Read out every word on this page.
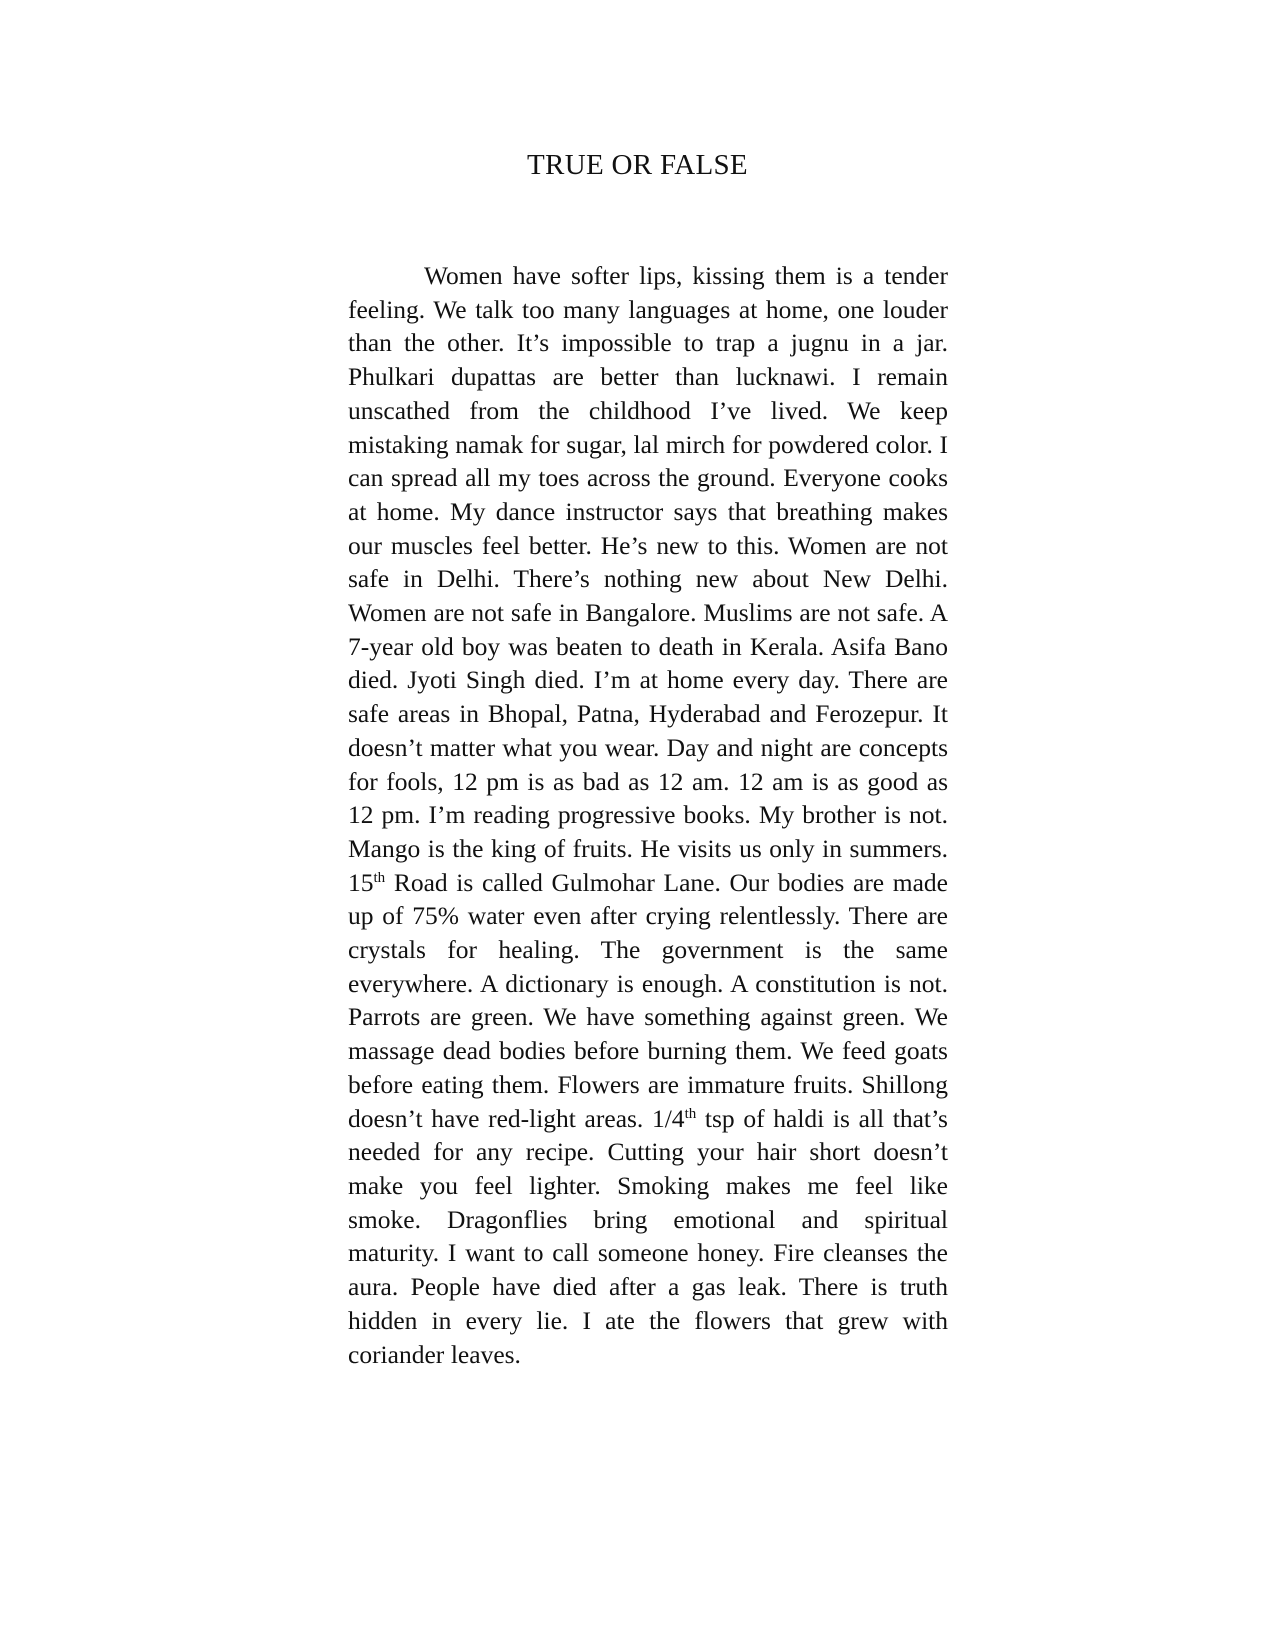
TRUE OR FALSE

Women have softer lips, kissing them is a tender feeling. We talk too many languages at home, one louder than the other. It’s impossible to trap a jugnu in a jar. Phulkari dupattas are better than lucknawi. I remain unscathed from the childhood I’ve lived. We keep mistaking namak for sugar, lal mirch for powdered color. I can spread all my toes across the ground. Everyone cooks at home. My dance instructor says that breathing makes our muscles feel better. He’s new to this. Women are not safe in Delhi. There’s nothing new about New Delhi. Women are not safe in Bangalore. Muslims are not safe. A 7-year old boy was beaten to death in Kerala. Asifa Bano died. Jyoti Singh died. I’m at home every day. There are safe areas in Bhopal, Patna, Hyderabad and Ferozepur. It doesn’t matter what you wear. Day and night are concepts for fools, 12 pm is as bad as 12 am. 12 am is as good as 12 pm. I’m reading progressive books. My brother is not. Mango is the king of fruits. He visits us only in summers. 15th Road is called Gulmohar Lane. Our bodies are made up of 75% water even after crying relentlessly. There are crystals for healing. The government is the same everywhere. A dictionary is enough. A constitution is not. Parrots are green. We have something against green. We massage dead bodies before burning them. We feed goats before eating them. Flowers are immature fruits. Shillong doesn’t have red-light areas. 1/4th tsp of haldi is all that’s needed for any recipe. Cutting your hair short doesn’t make you feel lighter. Smoking makes me feel like smoke. Dragonflies bring emotional and spiritual maturity. I want to call someone honey. Fire cleanses the aura. People have died after a gas leak. There is truth hidden in every lie. I ate the flowers that grew with coriander leaves.
